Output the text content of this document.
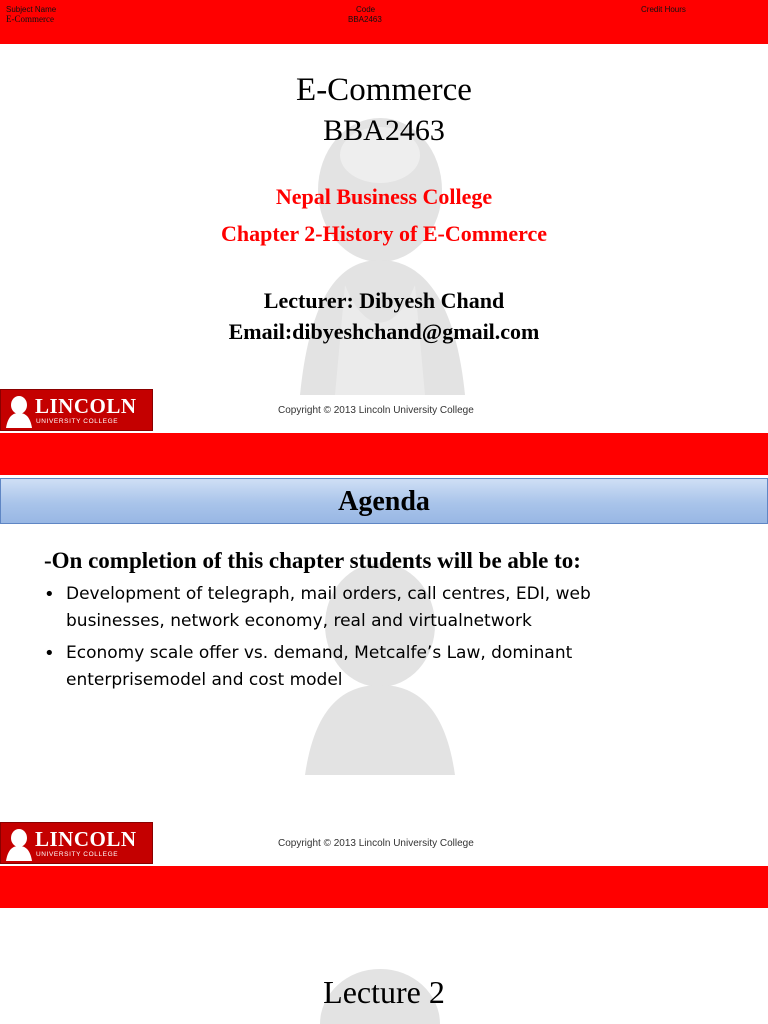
Subject Name
E-Commerce
Code
BBA2463
Credit Hours
E-Commerce
BBA2463
Nepal Business College
Chapter 2-History of E-Commerce
Lecturer: Dibyesh Chand
Email:dibyeshchand@gmail.com
LINCOLN
UNIVERSITY COLLEGE
Copyright © 2013 Lincoln University College
Agenda
-On completion of this chapter students will be able to:
• Development of telegraph, mail orders, call centres, EDI, web
businesses, network economy, real and virtualnetwork
• Economy scale offer vs. demand, Metcalfe’s Law, dominant
enterprisemodel and cost model
LINCOLN
UNIVERSITY COLLEGE
Copyright © 2013 Lincoln University College
Lecture 2
